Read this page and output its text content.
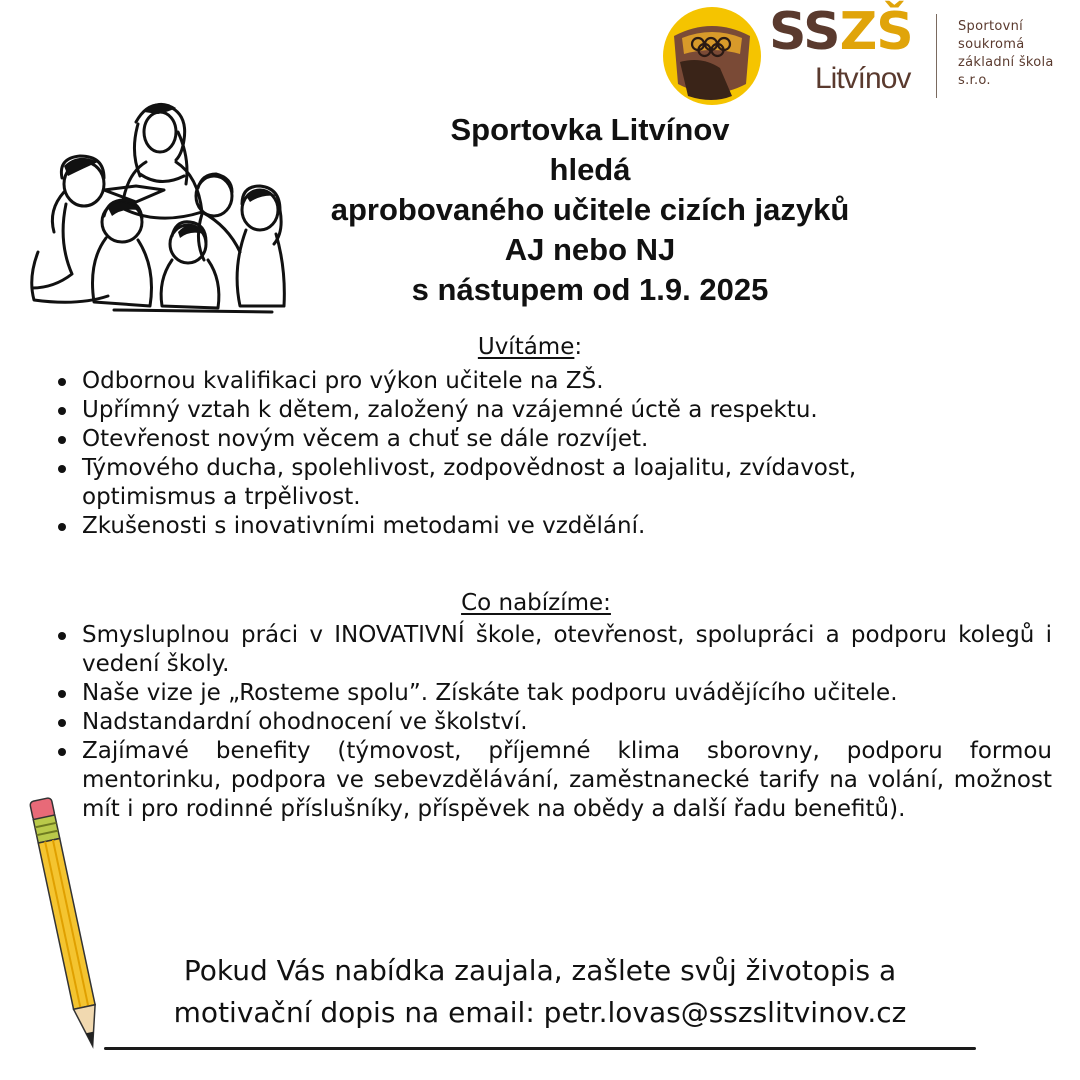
SSZŠ
Litvínov
Sportovní
soukromá
základní škola
s.r.o.
Sportovka Litvínov
hledá
aprobovaného učitele cizích jazyků
AJ nebo NJ
s nástupem od 1.9. 2025
Uvítáme:
Odbornou kvalifikaci pro výkon učitele na ZŠ.
Upřímný vztah k dětem, založený na vzájemné úctě a respektu.
Otevřenost novým věcem a chuť se dále rozvíjet.
Týmového ducha, spolehlivost, zodpovědnost a loajalitu, zvídavost, optimismus a trpělivost.
Zkušenosti s inovativními metodami ve vzdělání.
Co nabízíme:
Smysluplnou práci v INOVATIVNÍ škole, otevřenost, spolupráci a podporu kolegů i vedení školy.
Naše vize je „Rosteme spolu”. Získáte tak podporu uvádějícího učitele.
Nadstandardní ohodnocení ve školství.
Zajímavé benefity (týmovost, příjemné klima sborovny, podporu formou mentorinku, podpora ve sebevzdělávání, zaměstnanecké tarify na volání, možnost mít i pro rodinné příslušníky, příspěvek na obědy a další řadu benefitů).
Pokud Vás nabídka zaujala, zašlete svůj životopis a
motivační dopis na email: petr.lovas@sszslitvinov.cz
